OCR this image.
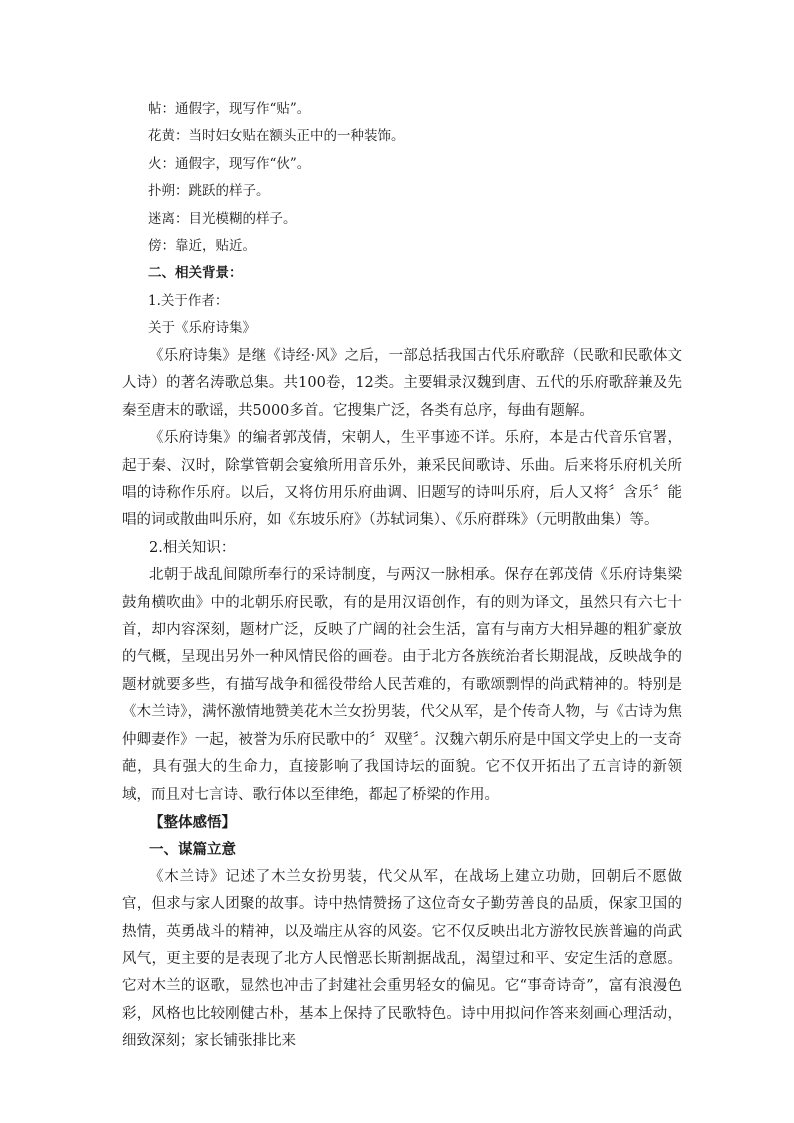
帖：通假字，现写作“贴”。

花黄：当时妇女贴在额头正中的一种装饰。

火：通假字，现写作“伙”。

扑朔：跳跃的样子。

迷离：目光模糊的样子。

傍：靠近，贴近。

二、相关背景：

1.关于作者：

关于《乐府诗集》

《乐府诗集》是继《诗经·风》之后，一部总括我国古代乐府歌辞（民歌和民歌体文人诗）的著名涛歌总集。共100卷，12类。主要辑录汉魏到唐、五代的乐府歌辞兼及先秦至唐末的歌谣，共5000多首。它搜集广泛，各类有总序，每曲有题解。

《乐府诗集》的编者郭茂倩，宋朝人，生平事迹不详。乐府，本是古代音乐官署，起于秦、汉时，除掌管朝会宴飨所用音乐外，兼采民间歌诗、乐曲。后来将乐府机关所唱的诗称作乐府。以后，又将仿用乐府曲调、旧题写的诗叫乐府，后人又将〞含乐〞能唱的词或散曲叫乐府，如《东坡乐府》（苏轼词集）、《乐府群珠》（元明散曲集）等。

2.相关知识：

北朝于战乱间隙所奉行的采诗制度，与两汉一脉相承。保存在郭茂倩《乐府诗集梁鼓角横吹曲》中的北朝乐府民歌，有的是用汉语创作，有的则为译文，虽然只有六七十首，却内容深刻，题材广泛，反映了广阔的社会生活，富有与南方大相异趣的粗犷豪放的气概，呈现出另外一种风情民俗的画卷。由于北方各族统治者长期混战，反映战争的题材就要多些，有描写战争和徭役带给人民苦难的，有歌颂剽悍的尚武精神的。特别是《木兰诗》，满怀激情地赞美花木兰女扮男装，代父从军，是个传奇人物，与《古诗为焦仲卿妻作》一起，被誉为乐府民歌中的〞双壁〞。汉魏六朝乐府是中国文学史上的一支奇葩，具有强大的生命力，直接影响了我国诗坛的面貌。它不仅开拓出了五言诗的新领域，而且对七言诗、歌行体以至律绝，都起了桥梁的作用。

【整体感悟】

一、谋篇立意

《木兰诗》记述了木兰女扮男装，代父从军，在战场上建立功勋，回朝后不愿做官，但求与家人团聚的故事。诗中热情赞扬了这位奇女子勤劳善良的品质，保家卫国的热情，英勇战斗的精神，以及端庄从容的风姿。它不仅反映出北方游牧民族普遍的尚武风气，更主要的是表现了北方人民憎恶长斯割据战乱，渴望过和平、安定生活的意愿。它对木兰的讴歌，显然也冲击了封建社会重男轻女的偏见。它“事奇诗奇”，富有浪漫色彩，风格也比较刚健古朴，基本上保持了民歌特色。诗中用拟问作答来刻画心理活动，细致深刻；家长铺张排比来
